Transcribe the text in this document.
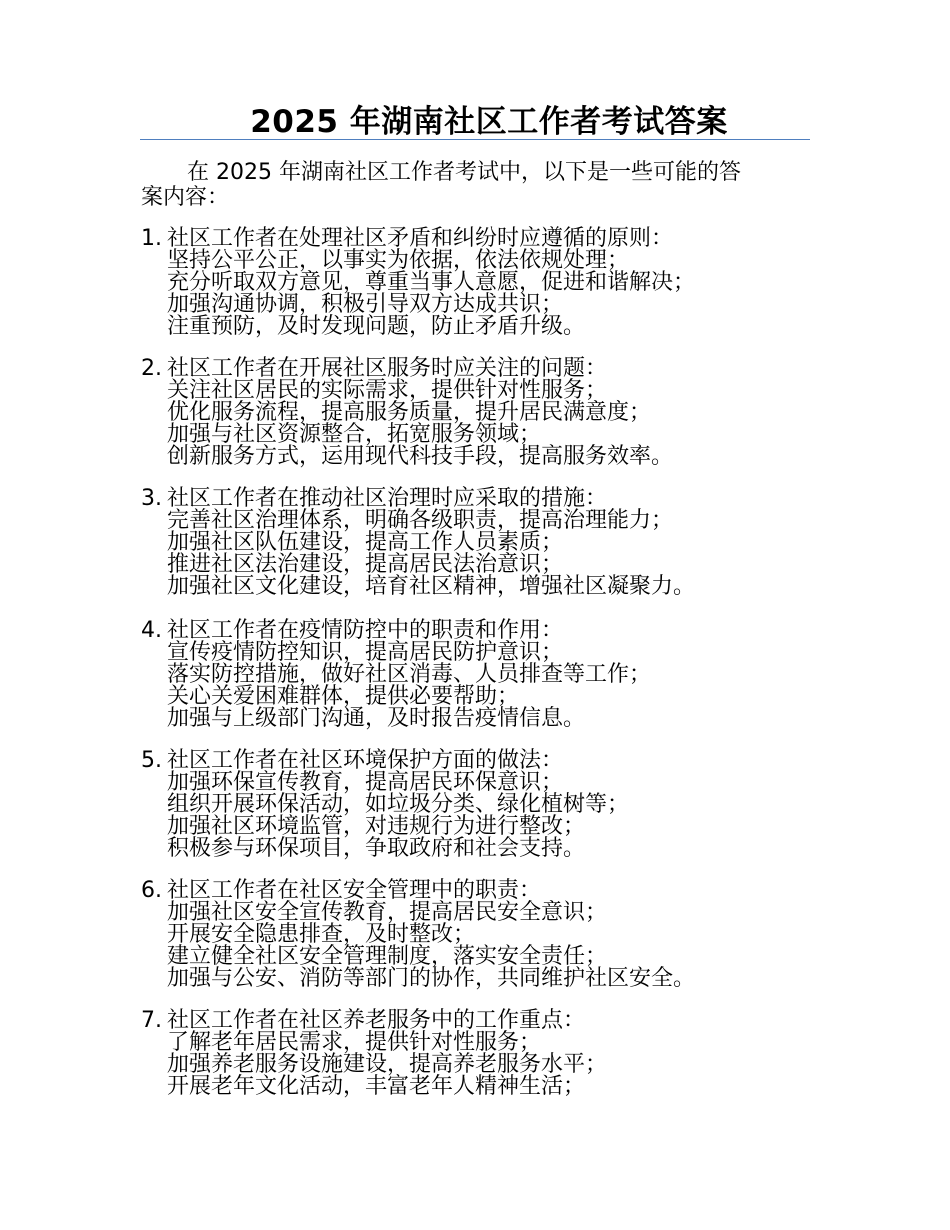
2025 年湖南社区工作者考试答案
在 2025 年湖南社区工作者考试中，以下是一些可能的答
案内容：
1. 社区工作者在处理社区矛盾和纠纷时应遵循的原则：
坚持公平公正，以事实为依据，依法依规处理；
充分听取双方意见，尊重当事人意愿，促进和谐解决；
加强沟通协调，积极引导双方达成共识；
注重预防，及时发现问题，防止矛盾升级。
2. 社区工作者在开展社区服务时应关注的问题：
关注社区居民的实际需求，提供针对性服务；
优化服务流程，提高服务质量，提升居民满意度；
加强与社区资源整合，拓宽服务领域；
创新服务方式，运用现代科技手段，提高服务效率。
3. 社区工作者在推动社区治理时应采取的措施：
完善社区治理体系，明确各级职责，提高治理能力；
加强社区队伍建设，提高工作人员素质；
推进社区法治建设，提高居民法治意识；
加强社区文化建设，培育社区精神，增强社区凝聚力。
4. 社区工作者在疫情防控中的职责和作用：
宣传疫情防控知识，提高居民防护意识；
落实防控措施，做好社区消毒、人员排查等工作；
关心关爱困难群体，提供必要帮助；
加强与上级部门沟通，及时报告疫情信息。
5. 社区工作者在社区环境保护方面的做法：
加强环保宣传教育，提高居民环保意识；
组织开展环保活动，如垃圾分类、绿化植树等；
加强社区环境监管，对违规行为进行整改；
积极参与环保项目，争取政府和社会支持。
6. 社区工作者在社区安全管理中的职责：
加强社区安全宣传教育，提高居民安全意识；
开展安全隐患排查，及时整改；
建立健全社区安全管理制度，落实安全责任；
加强与公安、消防等部门的协作，共同维护社区安全。
7. 社区工作者在社区养老服务中的工作重点：
了解老年居民需求，提供针对性服务；
加强养老服务设施建设，提高养老服务水平；
开展老年文化活动，丰富老年人精神生活；
